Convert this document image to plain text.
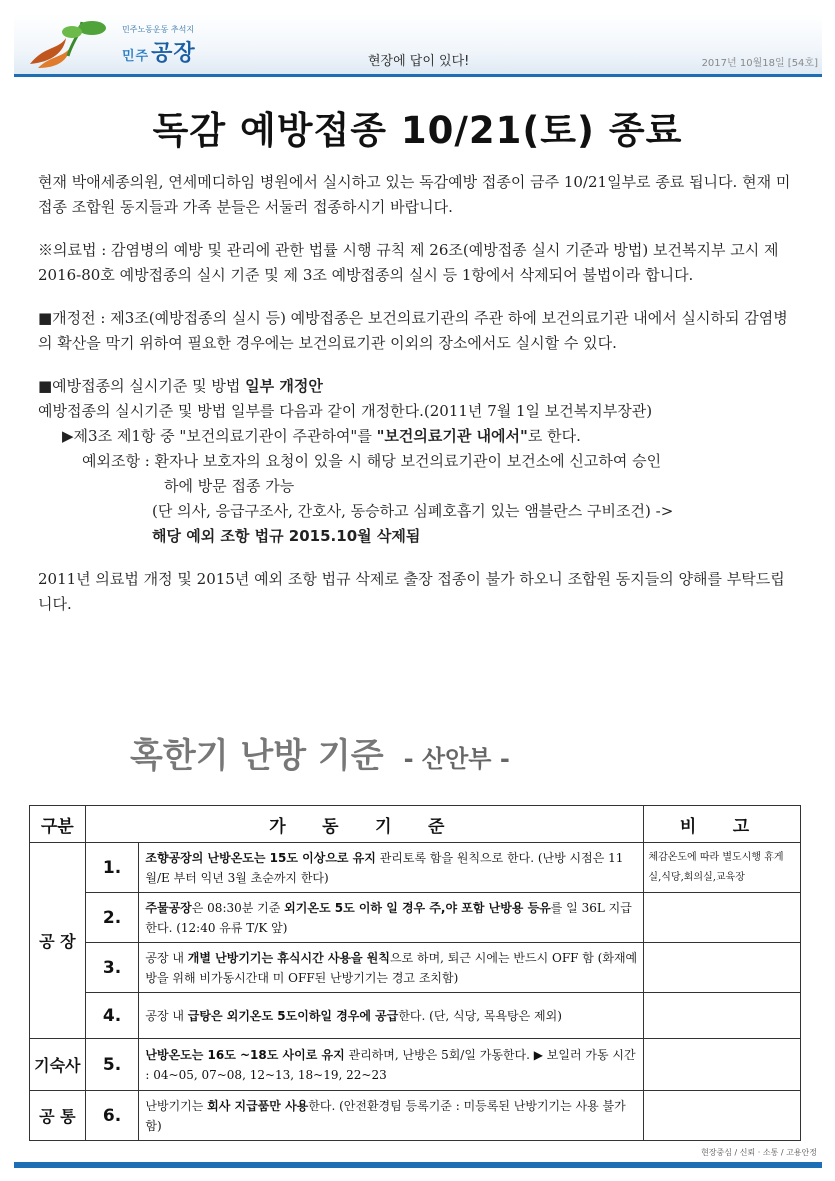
민주노동운동 추석지
민주공장	현장에 답이 있다!	2017년 10월18일 [54호]
독감 예방접종 10/21(토) 종료

현재 박애세종의원, 연세메디하임 병원에서 실시하고 있는 독감예방 접종이 금주 10/21일부로 종료 됩니다. 현재 미 접종 조합원 동지들과 가족 분들은 서둘러 접종하시기 바랍니다.

※의료법 : 감염병의 예방 및 관리에 관한 법률 시행 규칙 제 26조(예방접종 실시 기준과 방법) 보건복지부 고시 제 2016-80호 예방접종의 실시 기준 및 제 3조 예방접종의 실시 등 1항에서 삭제되어 불법이라 합니다.

■개정전 : 제3조(예방접종의 실시 등) 예방접종은 보건의료기관의 주관 하에 보건의료기관 내에서 실시하되 감염병의 확산을 막기 위하여 필요한 경우에는 보건의료기관 이외의 장소에서도 실시할 수 있다.

■예방접종의 실시기준 및 방법 일부 개정안

예방접종의 실시기준 및 방법 일부를 다음과 같이 개정한다.(2011년 7월 1일 보건복지부장관)

▶제3조 제1항 중 "보건의료기관이 주관하여"를 "보건의료기관 내에서"로 한다.

예외조항 : 환자나 보호자의 요청이 있을 시 해당 보건의료기관이 보건소에 신고하여 승인

하에 방문 접종 가능

(단 의사, 응급구조사, 간호사, 동승하고 심폐호흡기 있는 앰블란스 구비조건) ->

해당 예외 조항 법규 2015.10월 삭제됨

2011년 의료법 개정 및 2015년 예외 조항 법규 삭제로 출장 접종이 불가 하오니 조합원 동지들의 양해를 부탁드립니다.

혹한기 난방 기준 - 산안부 -
구분	가 동 기 준		비 고
공 장	1.	조향공장의 난방온도는 15도 이상으로 유지 관리토록 함을 원칙으로 한다. (난방 시점은 11월/E 부터 익년 3월 초순까지 한다)	체감온도에 따라 별도시행 휴게실,식당,회의실,교육장
	2.	주물공장은 08:30분 기준 외기온도 5도 이하 일 경우 주,야 포함 난방용 등유를 일 36L 지급한다. (12:40 유류 T/K 앞)	
	3.	공장 내 개별 난방기기는 휴식시간 사용을 원칙으로 하며, 퇴근 시에는 반드시 OFF 함 (화재예방을 위해 비가동시간대 미 OFF된 난방기기는 경고 조치함)	
	4.	공장 내 급탕은 외기온도 5도이하일 경우에 공급한다. (단, 식당, 목욕탕은 제외)	
기숙사	5.	난방온도는 16도 ~18도 사이로 유지 관리하며, 난방은 5회/일 가동한다. ▶ 보일러 가동 시간 : 04~05, 07~08, 12~13, 18~19, 22~23	
공 통	6.	난방기기는 회사 지급품만 사용한다. (안전환경팀 등록기준 : 미등록된 난방기기는 사용 불가함)	
현장중심 / 신뢰 · 소통 / 고용안정
